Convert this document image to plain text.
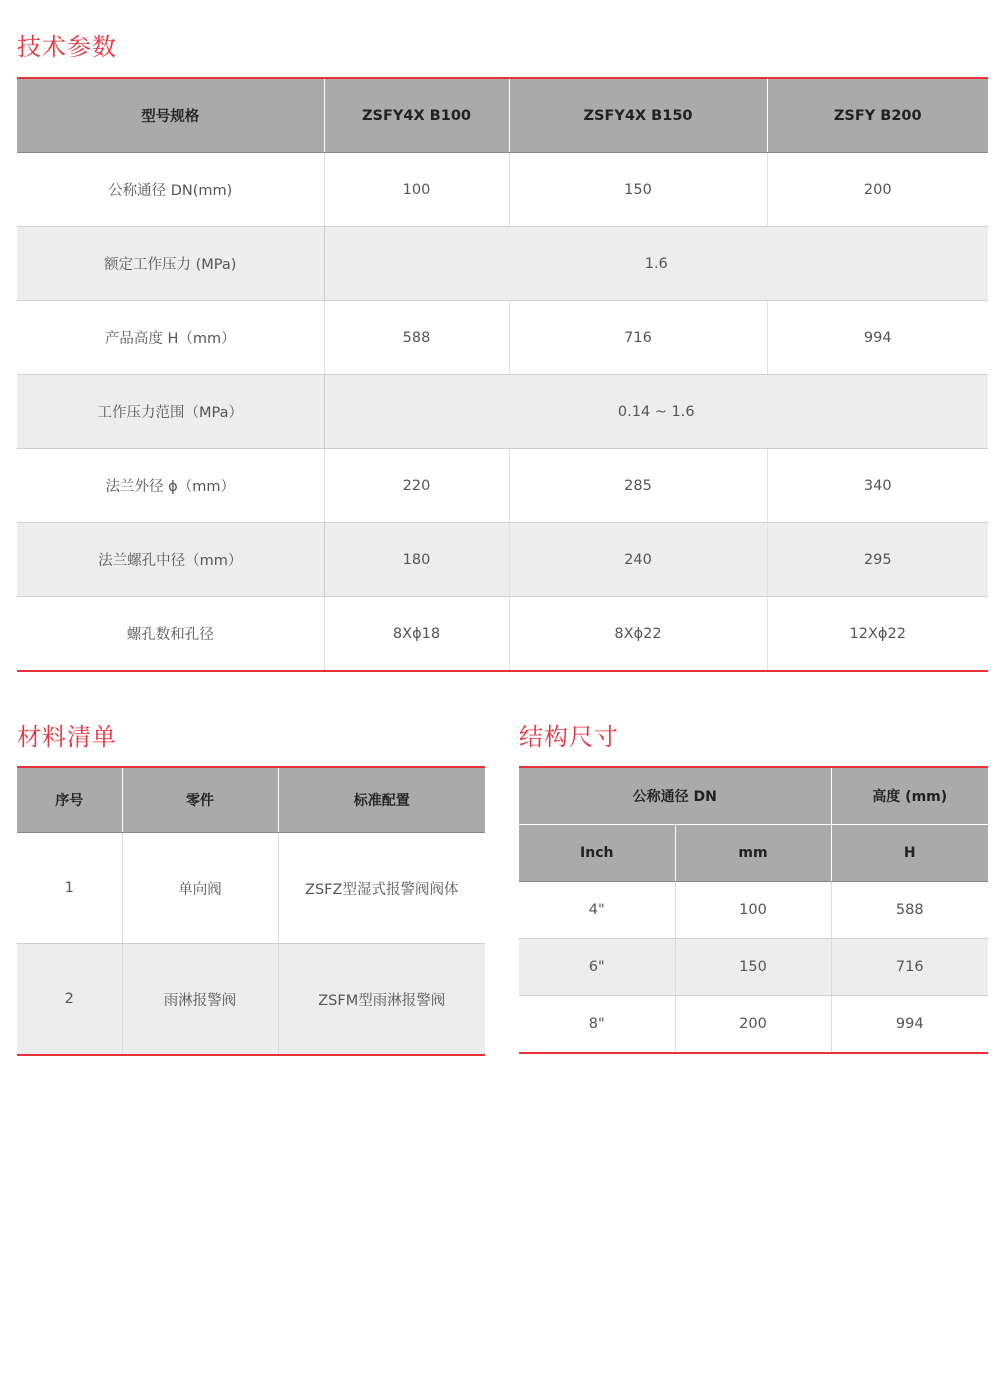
技术参数
型号规格	ZSFY4X B100	ZSFY4X B150	ZSFY B200
公称通径 DN(mm)	100	150	200
额定工作压力 (MPa)	1.6		
产品高度 H（mm）	588	716	994
工作压力范围（MPa）	0.14 ~ 1.6		
法兰外径 ϕ（mm）	220	285	340
法兰螺孔中径（mm）	180	240	295
螺孔数和孔径	8Xϕ18	8Xϕ22	12Xϕ22
材料清单
序号	零件	标准配置
1	单向阀	ZSFZ型湿式报警阀阀体
2	雨淋报警阀	ZSFM型雨淋报警阀
结构尺寸
公称通径 DN		高度 (mm)
Inch	mm	H
4"	100	588
6"	150	716
8"	200	994
